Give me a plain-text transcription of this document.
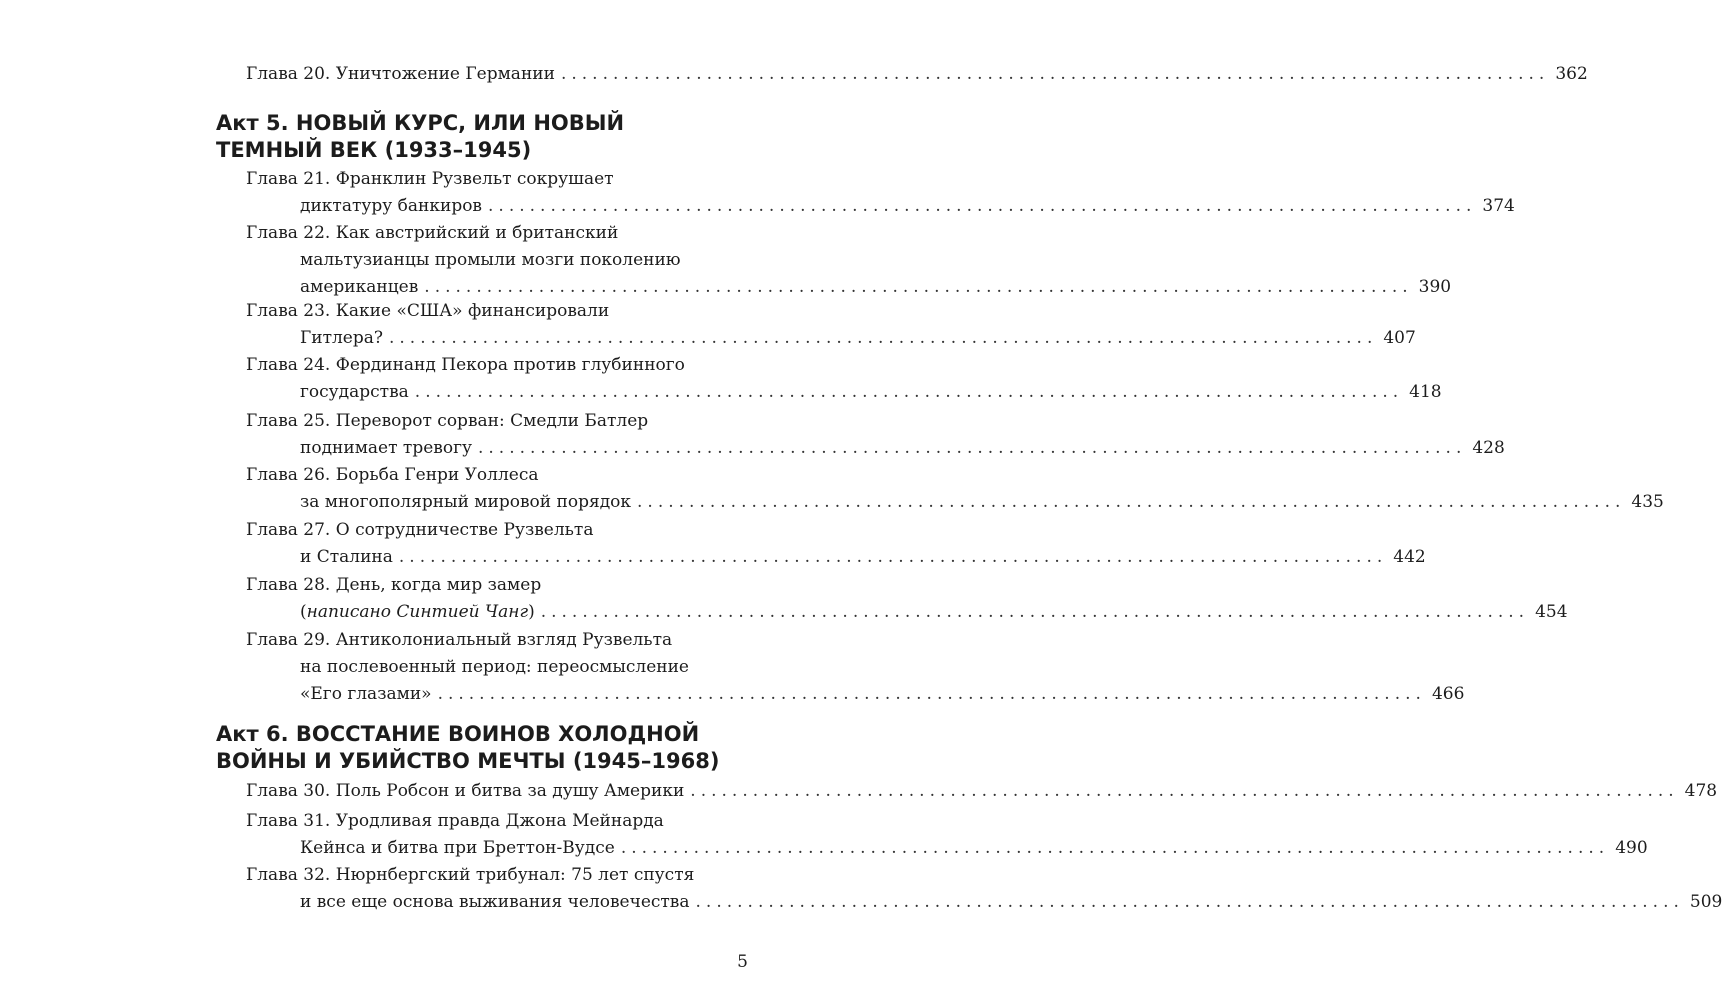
Глава 20. Уничтожение Германии ............................................................................................... 362
Акт 5. НОВЫЙ КУРС, ИЛИ НОВЫЙ
ТЕМНЫЙ ВЕК (1933–1945)
Глава 21. Франклин Рузвельт сокрушает
диктатуру банкиров ............................................................................................... 374
Глава 22. Как австрийский и британский
мальтузианцы промыли мозги поколению
американцев ............................................................................................... 390
Глава 23. Какие «США» финансировали
Гитлера? ............................................................................................... 407
Глава 24. Фердинанд Пекора против глубинного
государства ............................................................................................... 418
Глава 25. Переворот сорван: Смедли Батлер
поднимает тревогу ............................................................................................... 428
Глава 26. Борьба Генри Уоллеса
за многополярный мировой порядок ............................................................................................... 435
Глава 27. О сотрудничестве Рузвельта
и Сталина ............................................................................................... 442
Глава 28. День, когда мир замер
(написано Синтией Чанг) ............................................................................................... 454
Глава 29. Антиколониальный взгляд Рузвельта
на послевоенный период: переосмысление
«Его глазами» ............................................................................................... 466
Акт 6. ВОССТАНИЕ ВОИНОВ ХОЛОДНОЙ
ВОЙНЫ И УБИЙСТВО МЕЧТЫ (1945–1968)
Глава 30. Поль Робсон и битва за душу Америки ............................................................................................... 478
Глава 31. Уродливая правда Джона Мейнарда
Кейнса и битва при Бреттон-Вудсе ............................................................................................... 490
Глава 32. Нюрнбергский трибунал: 75 лет спустя
и все еще основа выживания человечества ............................................................................................... 509
5
